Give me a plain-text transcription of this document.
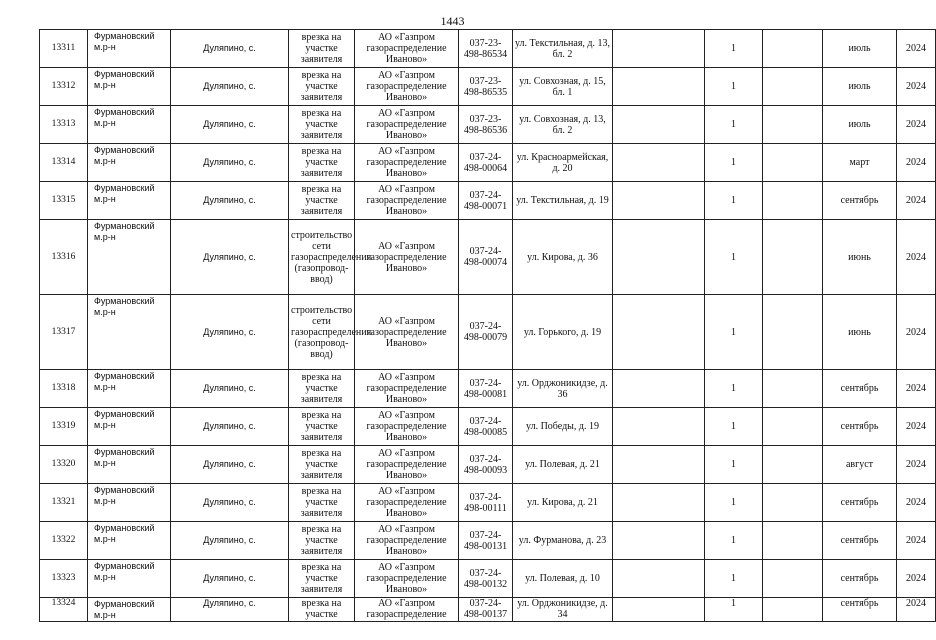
1443
13311	Фурмановский м.р-н	Дуляпино, с.	врезка на участке заявителя	АО «Газпром газораспределение Иваново»	037-23-498-86534	ул. Текстильная, д. 13, бл. 2		1		июль	2024
13312	Фурмановский м.р-н	Дуляпино, с.	врезка на участке заявителя	АО «Газпром газораспределение Иваново»	037-23-498-86535	ул. Совхозная, д. 15, бл. 1		1		июль	2024
13313	Фурмановский м.р-н	Дуляпино, с.	врезка на участке заявителя	АО «Газпром газораспределение Иваново»	037-23-498-86536	ул. Совхозная, д. 13, бл. 2		1		июль	2024
13314	Фурмановский м.р-н	Дуляпино, с.	врезка на участке заявителя	АО «Газпром газораспределение Иваново»	037-24-498-00064	ул. Красноармейская, д. 20		1		март	2024
13315	Фурмановский м.р-н	Дуляпино, с.	врезка на участке заявителя	АО «Газпром газораспределение Иваново»	037-24-498-00071	ул. Текстильная, д. 19		1		сентябрь	2024
13316	Фурмановский м.р-н	Дуляпино, с.	строительство сети газораспределения (газопровод-ввод)	АО «Газпром газораспределение Иваново»	037-24-498-00074	ул. Кирова, д. 36		1		июнь	2024
13317	Фурмановский м.р-н	Дуляпино, с.	строительство сети газораспределения (газопровод-ввод)	АО «Газпром газораспределение Иваново»	037-24-498-00079	ул. Горького, д. 19		1		июнь	2024
13318	Фурмановский м.р-н	Дуляпино, с.	врезка на участке заявителя	АО «Газпром газораспределение Иваново»	037-24-498-00081	ул. Орджоникидзе, д. 36		1		сентябрь	2024
13319	Фурмановский м.р-н	Дуляпино, с.	врезка на участке заявителя	АО «Газпром газораспределение Иваново»	037-24-498-00085	ул. Победы, д. 19		1		сентябрь	2024
13320	Фурмановский м.р-н	Дуляпино, с.	врезка на участке заявителя	АО «Газпром газораспределение Иваново»	037-24-498-00093	ул. Полевая, д. 21		1		август	2024
13321	Фурмановский м.р-н	Дуляпино, с.	врезка на участке заявителя	АО «Газпром газораспределение Иваново»	037-24-498-00111	ул. Кирова, д. 21		1		сентябрь	2024
13322	Фурмановский м.р-н	Дуляпино, с.	врезка на участке заявителя	АО «Газпром газораспределение Иваново»	037-24-498-00131	ул. Фурманова, д. 23		1		сентябрь	2024
13323	Фурмановский м.р-н	Дуляпино, с.	врезка на участке заявителя	АО «Газпром газораспределение Иваново»	037-24-498-00132	ул. Полевая, д. 10		1		сентябрь	2024
13324	Фурмановский м.р-н	Дуляпино, с.	врезка на участке	АО «Газпром газораспределение	037-24-498-00137	ул. Орджоникидзе, д. 34		1		сентябрь	2024
